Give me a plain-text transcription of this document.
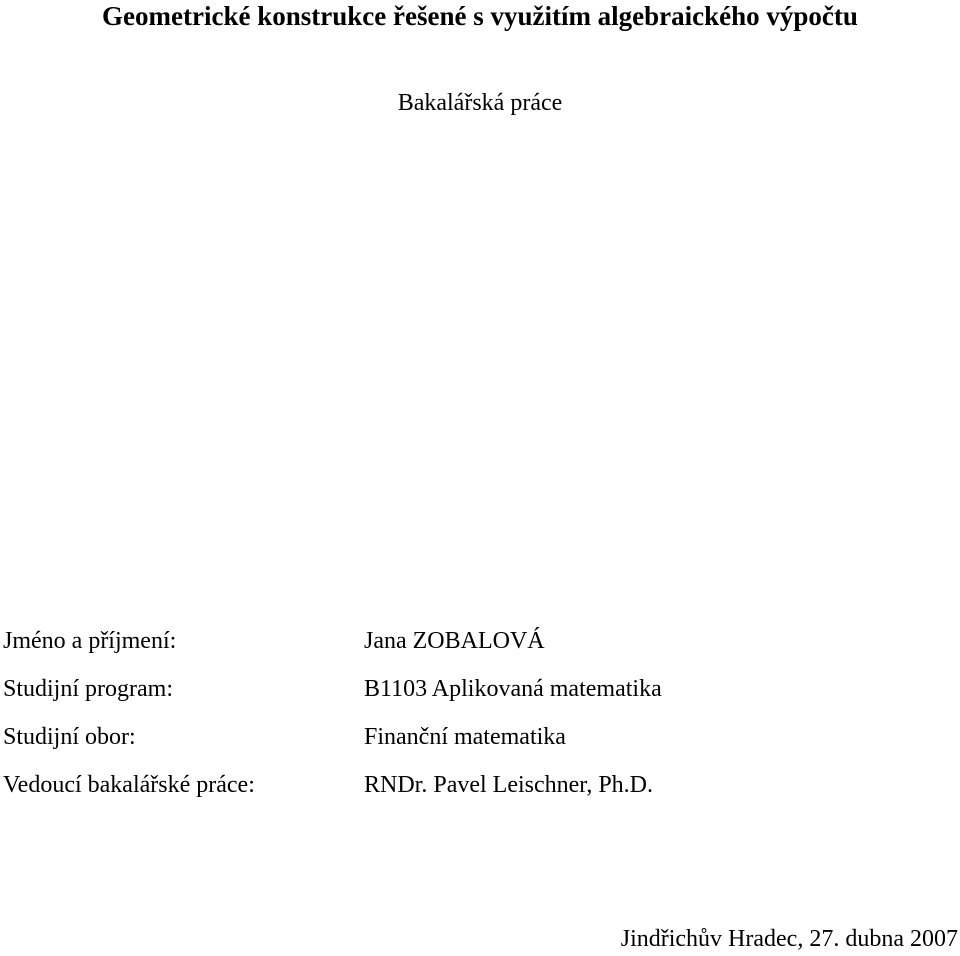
Geometrické konstrukce řešené s využitím algebraického výpočtu
Bakalářská práce
Jméno a příjmení:	Jana ZOBALOVÁ
Studijní program:	B1103 Aplikovaná matematika
Studijní obor:	Finanční matematika
Vedoucí bakalářské práce:	RNDr. Pavel Leischner, Ph.D.
Jindřichův Hradec, 27. dubna 2007
